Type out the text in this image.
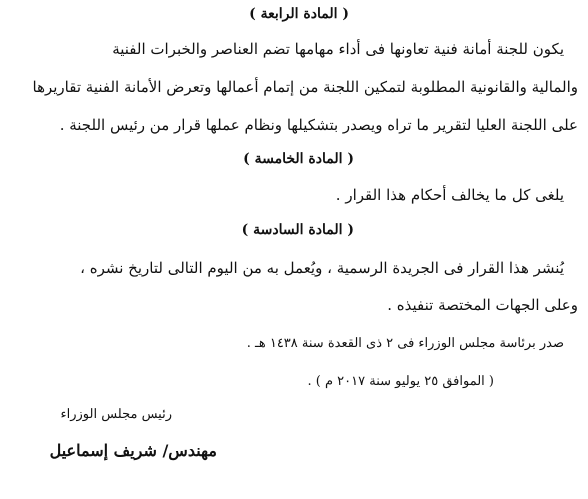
( المادة الرابعة )
يكون للجنة أمانة فنية تعاونها فى أداء مهامها تضم العناصر والخبرات الفنية
والمالية والقانونية المطلوبة لتمكين اللجنة من إتمام أعمالها وتعرض الأمانة الفنية تقاريرها
على اللجنة العليا لتقرير ما تراه ويصدر بتشكيلها ونظام عملها قرار من رئيس اللجنة .
( المادة الخامسة )
يلغى كل ما يخالف أحكام هذا القرار .
( المادة السادسة )
يُنشر هذا القرار فى الجريدة الرسمية ، ويُعمل به من اليوم التالى لتاريخ نشره ،
وعلى الجهات المختصة تنفيذه .
صدر برئاسة مجلس الوزراء فى ٢ ذى القعدة سنة ١٤٣٨ هـ .
( الموافق ٢٥ يوليو سنة ٢٠١٧ م ) .
رئيس مجلس الوزراء
مهندس/ شريف إسماعيل
